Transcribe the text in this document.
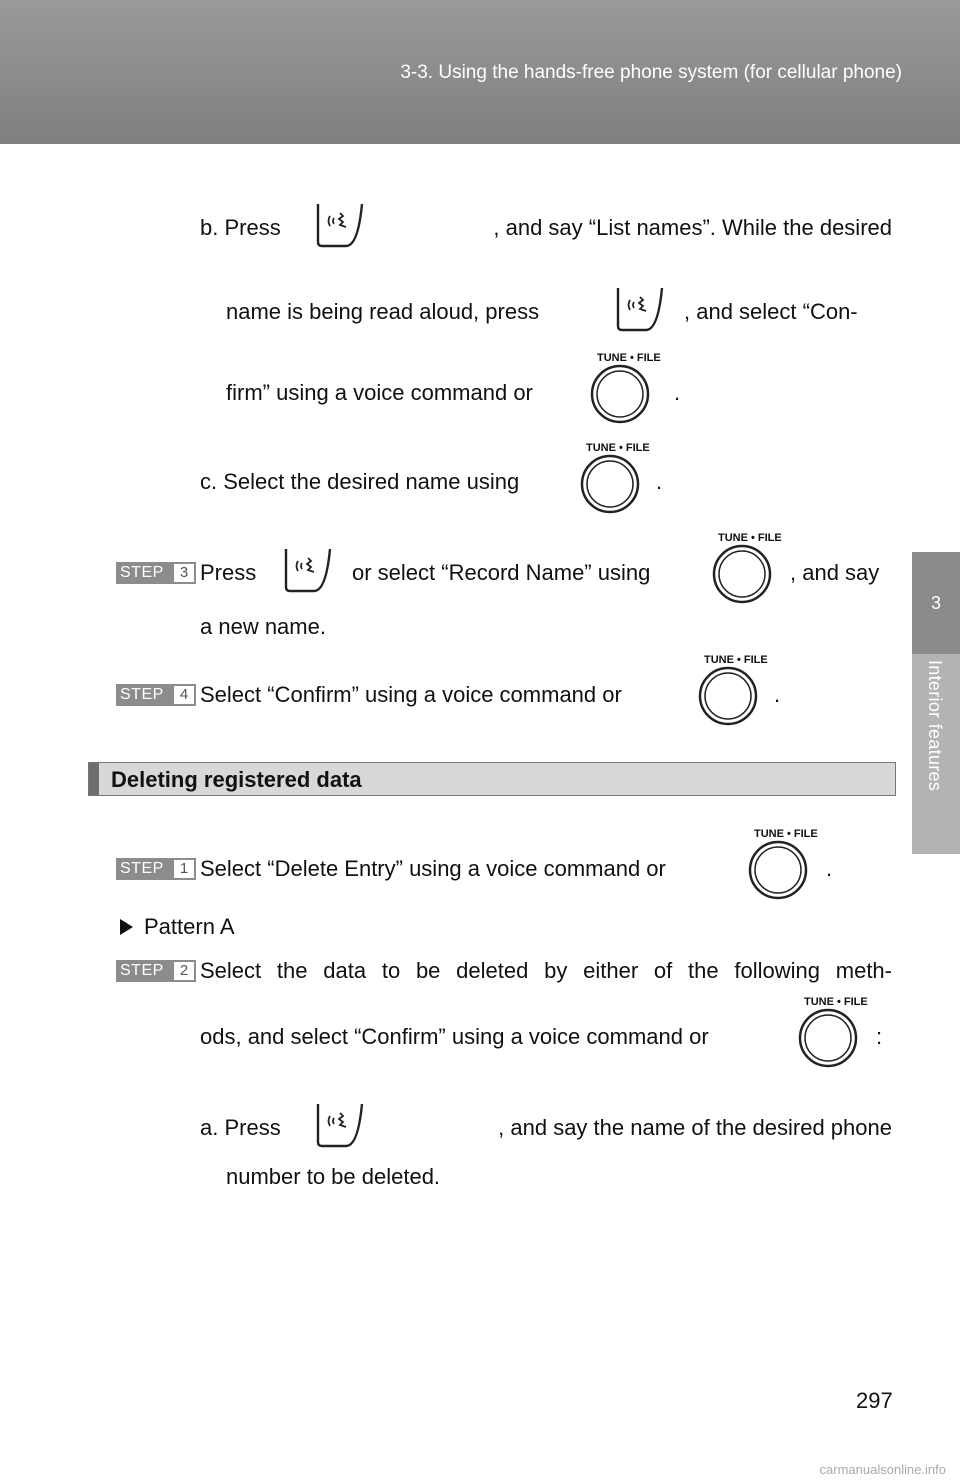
3-3. Using the hands-free phone system (for cellular phone)
3
Interior features
b. Press	, and say “List names”. While the desired
name is being read aloud, press	, and select “Con-
firm” using a voice command or
TUNE • FILE
.
c. Select the desired name using
TUNE • FILE
.
STEP	3 Press	or select “Record Name” using
TUNE • FILE
, and say
a new name.
STEP	4 Select “Confirm” using a voice command or
TUNE • FILE
.
Deleting registered data
STEP	1 Select “Delete Entry” using a voice command or
TUNE • FILE
.
Pattern A
STEP	2 Select the data to be deleted by either of the following meth-
ods, and select “Confirm” using a voice command or
TUNE • FILE
:
a. Press	, and say the name of the desired phone
number to be deleted.
297
carmanualsonline.info
